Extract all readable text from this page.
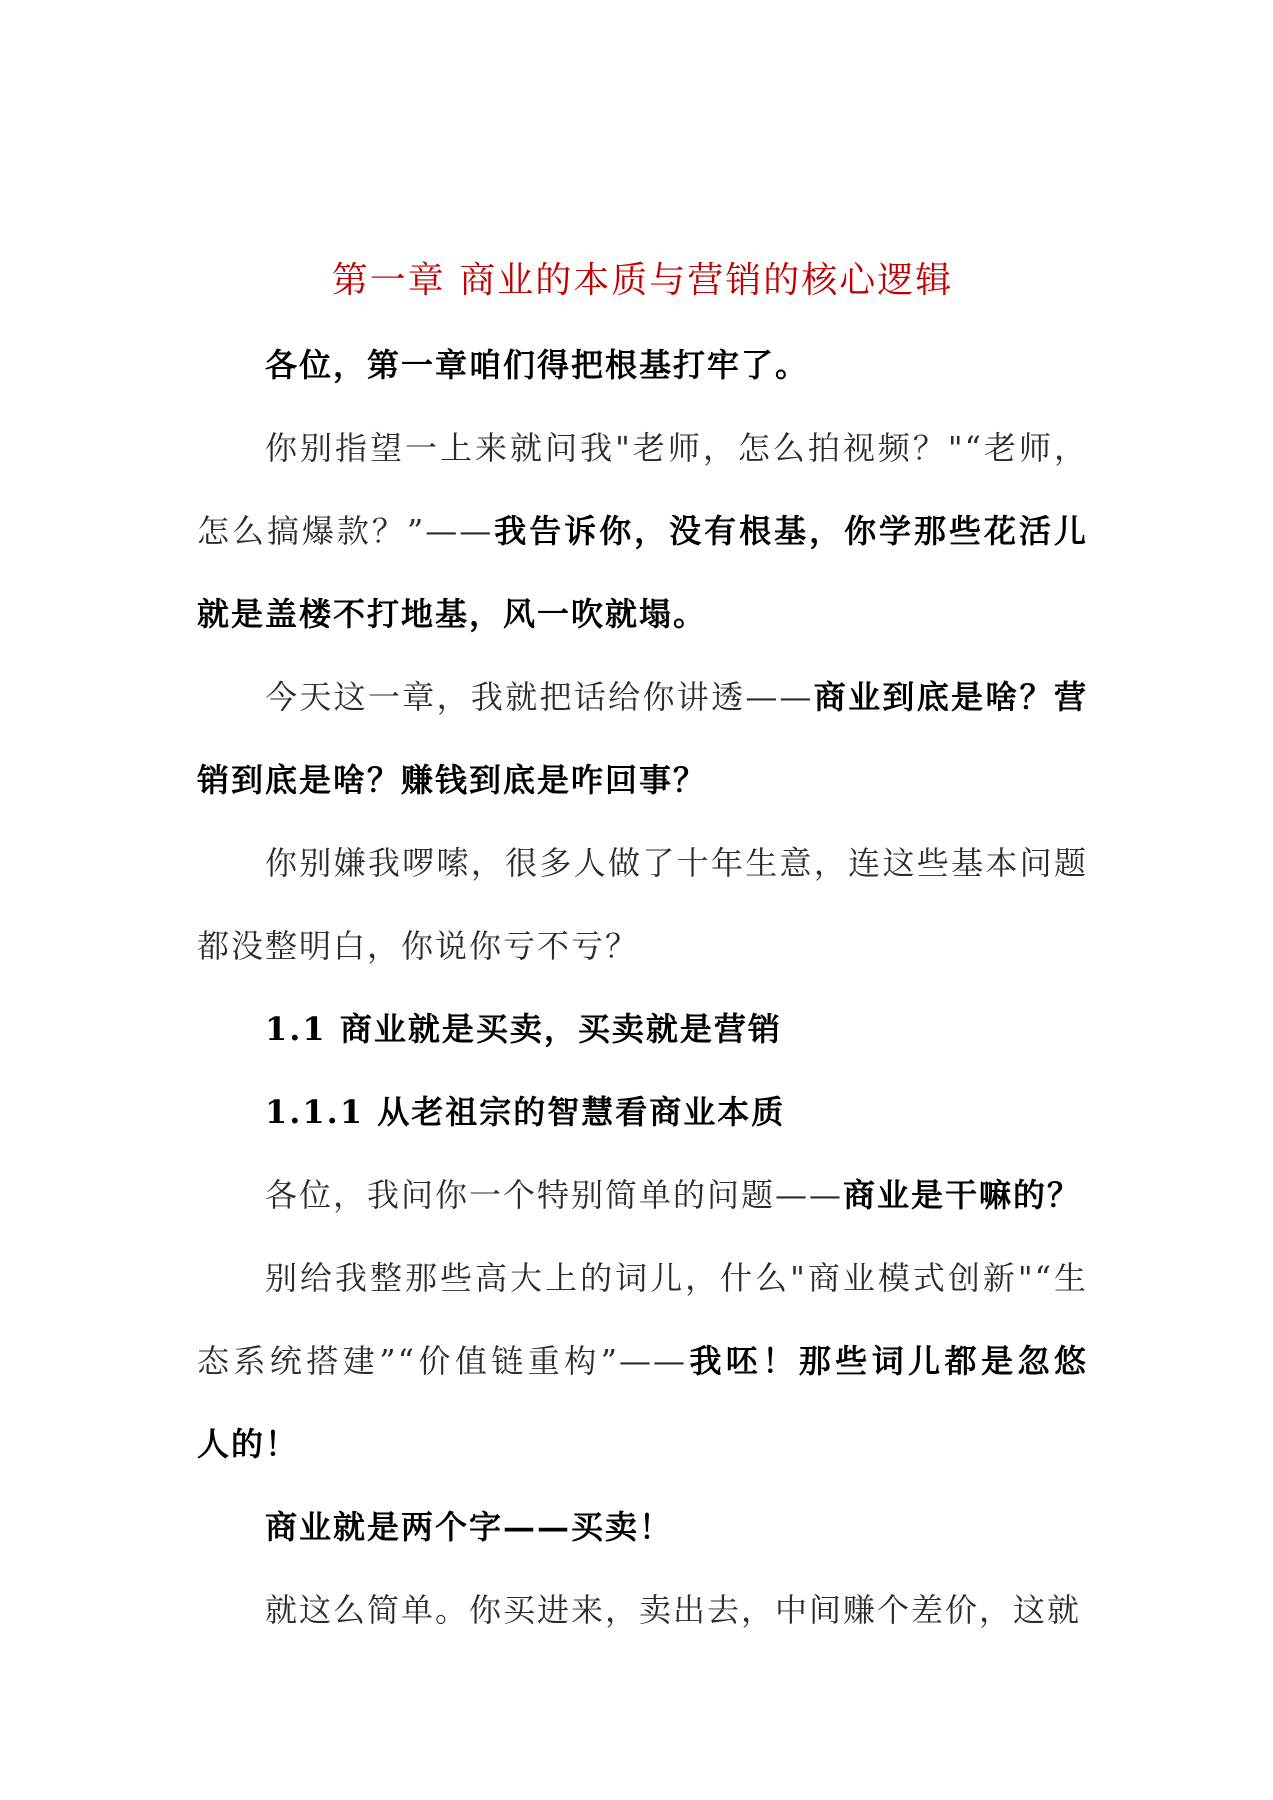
第一章 商业的本质与营销的核心逻辑
各位，第一章咱们得把根基打牢了。
你别指望一上来就问我"老师，怎么拍视频？"“老师，
怎么搞爆款？”——我告诉你，没有根基，你学那些花活儿
就是盖楼不打地基，风一吹就塌。
今天这一章，我就把话给你讲透——商业到底是啥？营
销到底是啥？赚钱到底是咋回事？
你别嫌我啰嗦，很多人做了十年生意，连这些基本问题
都没整明白，你说你亏不亏？
1.1 商业就是买卖，买卖就是营销
1.1.1 从老祖宗的智慧看商业本质
各位，我问你一个特别简单的问题——商业是干嘛的？
别给我整那些高大上的词儿，什么"商业模式创新"“生
态系统搭建”“价值链重构”——我呸！那些词儿都是忽悠
人的！
商业就是两个字——买卖！
就这么简单。你买进来，卖出去，中间赚个差价，这就
